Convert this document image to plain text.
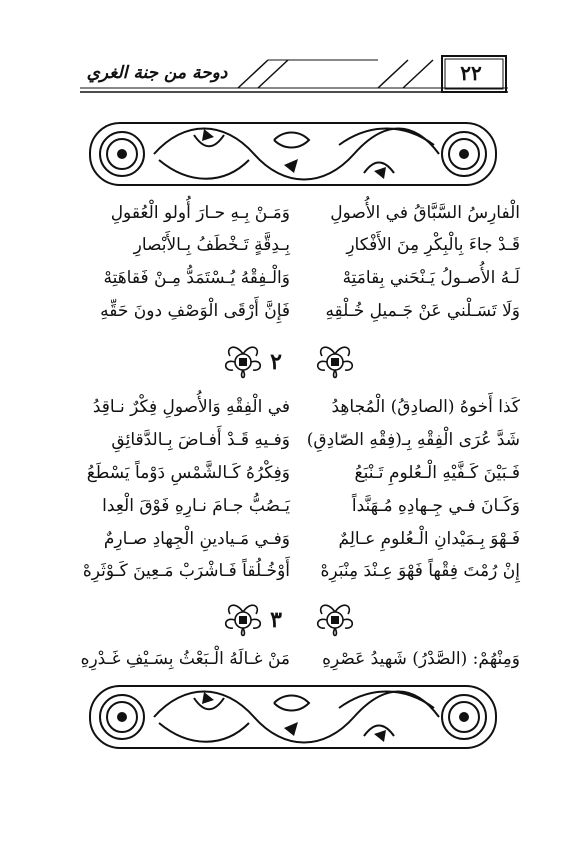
٢٢
دوحة من جنة الغري
الْفارِسُ السَّبَّاقُ في الأُصولِ
وَمَـنْ بِـهِ حـارَ أُولو الْعُقولِ
قَـدْ جاءَ بِالْبِكْرِ مِنَ الأَفْكارِ
بِـدِقَّةٍ تَـخْطَفُ بِـالأَبْصارِ
لَـهُ الأُصـولُ يَـنْحَني بِقامَتِهْ
وَالْـفِقْهُ يُـسْتَمَدُّ مِـنْ فَقاهَتِهْ
وَلَا تَسَـلْني عَنْ جَـميلِ خُـلْقِهِ
فَإِنَّ أَرْقَى الْوَصْفِ دونَ حَقِّهِ
٢
كَذا أَخوهُ (الصادِقُ) الْمُجاهِدُ
في الْفِقْهِ وَالأُصولِ فِكْرٌ نـاقِدُ
شَدَّ عُرَى الْفِقْهِ بِـ(فِقْهِ الصّادِقِ)
وَفـيهِ قَـدْ أَفـاضَ بِـالدَّقائِقِ
فَـبَيْنَ كَـفَّيْهِ الْـعُلومِ تَـنْبَعُ
وَفِكْرُهُ كَـالشَّمْسِ دَوْماً يَسْطَعُ
وَكَـانَ فـي جِـهادِهِ مُـهَنَّداً
يَـصُبُّ جـامَ نـارِهِ فَوْقَ الْعِدا
فَـهْوَ بِـمَيْدانِ الْـعُلومِ عـالِمٌ
وَفـي مَـيادينِ الْجِهادِ صـارِمٌ
إِنْ رُمْتَ فِقْهاً فَهْوَ عِـنْدَ مِنْبَرِهْ
أَوْخُـلُقاً فَـاشْرَبْ مَـعِينَ كَـوْثَرِهْ
٣
وَمِنْهُمْ: (الصَّدْرُ) شَهيدُ عَصْرِهِ
مَنْ غـالَهُ الْـبَعْثُ بِسَـيْفِ غَـدْرِهِ
